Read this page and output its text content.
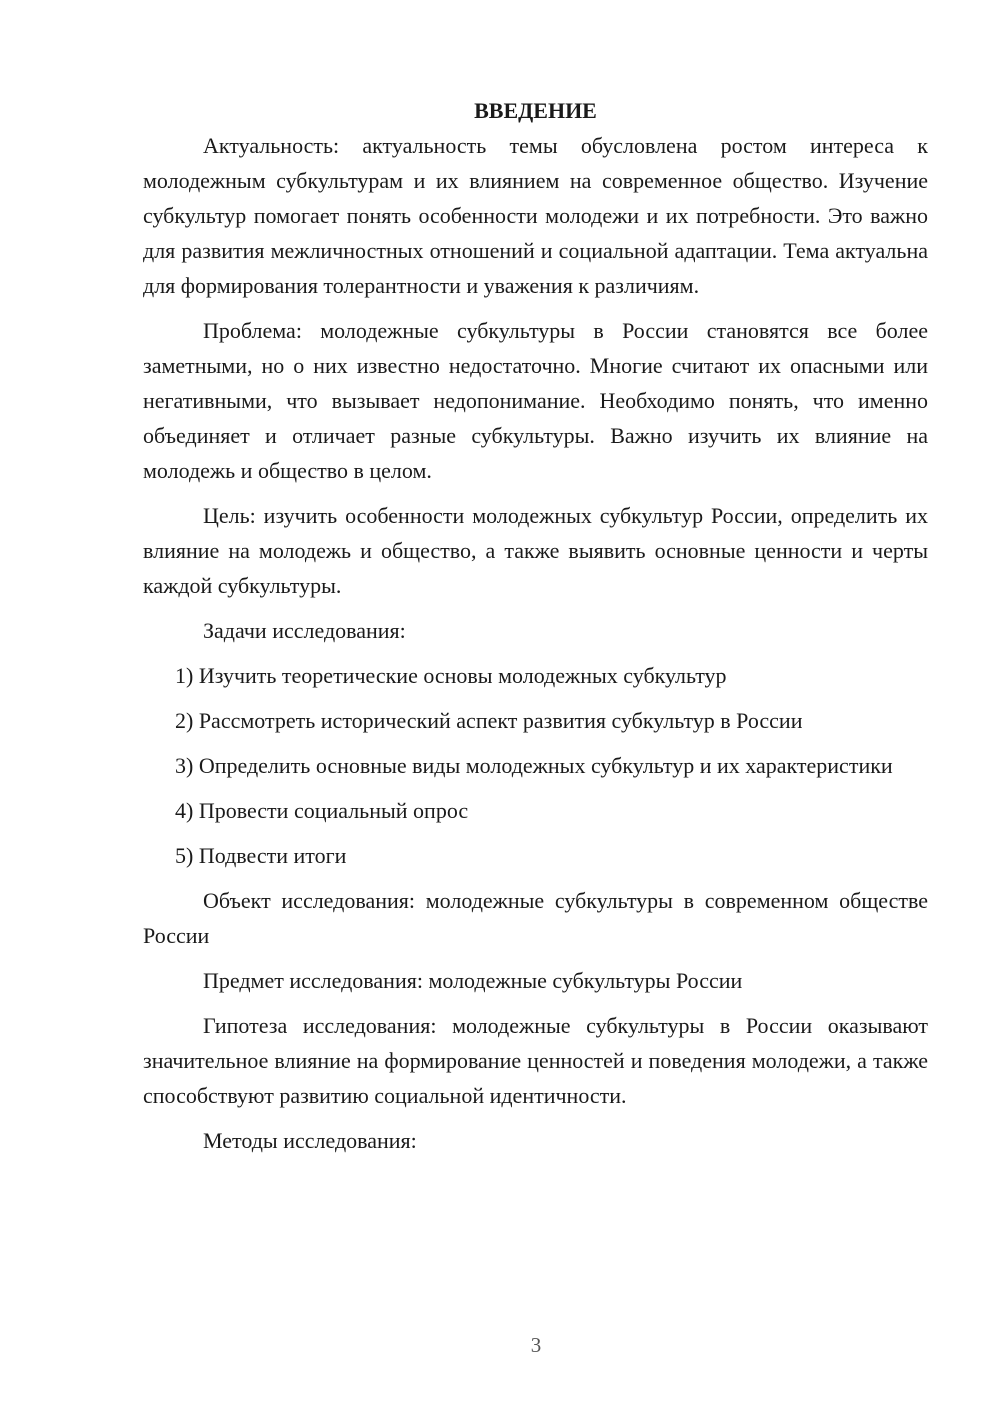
ВВЕДЕНИЕ

Актуальность: актуальность темы обусловлена ростом интереса к молодежным субкультурам и их влиянием на современное общество. Изучение субкультур помогает понять особенности молодежи и их потребности. Это важно для развития межличностных отношений и социальной адаптации. Тема актуальна для формирования толерантности и уважения к различиям.

Проблема: молодежные субкультуры в России становятся все более заметными, но о них известно недостаточно. Многие считают их опасными или негативными, что вызывает недопонимание. Необходимо понять, что именно объединяет и отличает разные субкультуры. Важно изучить их влияние на молодежь и общество в целом.

Цель: изучить особенности молодежных субкультур России, определить их влияние на молодежь и общество, а также выявить основные ценности и черты каждой субкультуры.

Задачи исследования:

1) Изучить теоретические основы молодежных субкультур

2) Рассмотреть исторический аспект развития субкультур в России

3) Определить основные виды молодежных субкультур и их характеристики

4) Провести социальный опрос

5) Подвести итоги

Объект исследования: молодежные субкультуры в современном обществе России

Предмет исследования: молодежные субкультуры России

Гипотеза исследования: молодежные субкультуры в России оказывают значительное влияние на формирование ценностей и поведения молодежи, а также способствуют развитию социальной идентичности.

Методы исследования:

3
